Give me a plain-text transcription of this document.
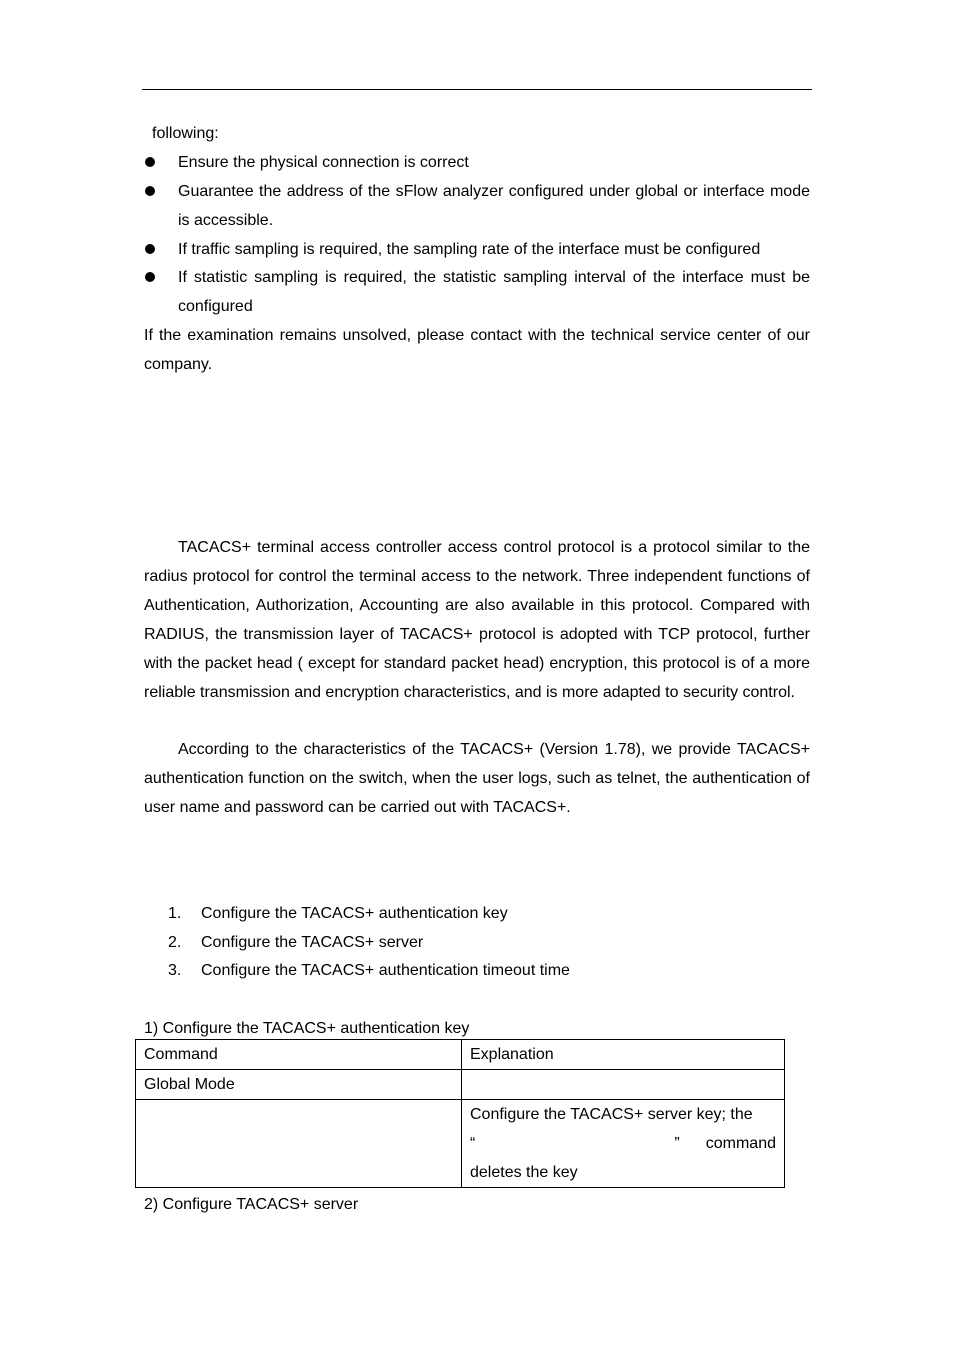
following:
Ensure the physical connection is correct
Guarantee the address of the sFlow analyzer configured under global or interface mode is accessible.
If traffic sampling is required, the sampling rate of the interface must be configured
If statistic sampling is required, the statistic sampling interval of the interface must be configured
If the examination remains unsolved, please contact with the technical service center of our company.
TACACS+ terminal access controller access control protocol is a protocol similar to the radius protocol for control the terminal access to the network. Three independent functions of Authentication, Authorization, Accounting are also available in this protocol. Compared with RADIUS, the transmission layer of TACACS+ protocol is adopted with TCP protocol, further with the packet head ( except for standard packet head) encryption, this protocol is of a more reliable transmission and encryption characteristics, and is more adapted to security control.
According to the characteristics of the TACACS+ (Version 1.78), we provide TACACS+ authentication function on the switch, when the user logs, such as telnet, the authentication of user name and password can be carried out with TACACS+.
1. Configure the TACACS+ authentication key
2. Configure the TACACS+ server
3. Configure the TACACS+ authentication timeout time
1) Configure the TACACS+ authentication key
Command	Explanation
Global Mode	

	Configure the TACACS+ server key; the
“ ” command
deletes the key
2) Configure TACACS+ server
